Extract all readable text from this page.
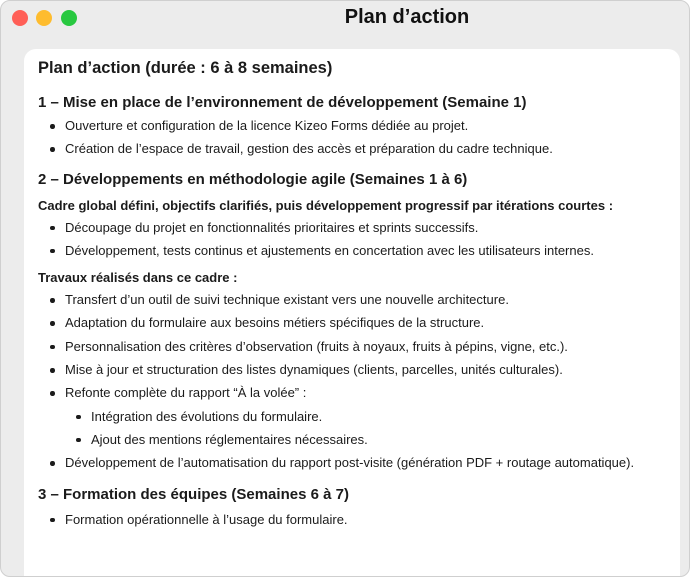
Plan d’action
Plan d’action (durée : 6 à 8 semaines)
1 – Mise en place de l’environnement de développement (Semaine 1)
Ouverture et configuration de la licence Kizeo Forms dédiée au projet.
Création de l’espace de travail, gestion des accès et préparation du cadre technique.
2 – Développements en méthodologie agile (Semaines 1 à 6)
Cadre global défini, objectifs clarifiés, puis développement progressif par itérations courtes :
Découpage du projet en fonctionnalités prioritaires et sprints successifs.
Développement, tests continus et ajustements en concertation avec les utilisateurs internes.
Travaux réalisés dans ce cadre :
Transfert d’un outil de suivi technique existant vers une nouvelle architecture.
Adaptation du formulaire aux besoins métiers spécifiques de la structure.
Personnalisation des critères d’observation (fruits à noyaux, fruits à pépins, vigne, etc.).
Mise à jour et structuration des listes dynamiques (clients, parcelles, unités culturales).
Refonte complète du rapport “À la volée” :
Intégration des évolutions du formulaire.
Ajout des mentions réglementaires nécessaires.
Développement de l’automatisation du rapport post-visite (génération PDF + routage automatique).
3 – Formation des équipes (Semaines 6 à 7)
Formation opérationnelle à l’usage du formulaire.
